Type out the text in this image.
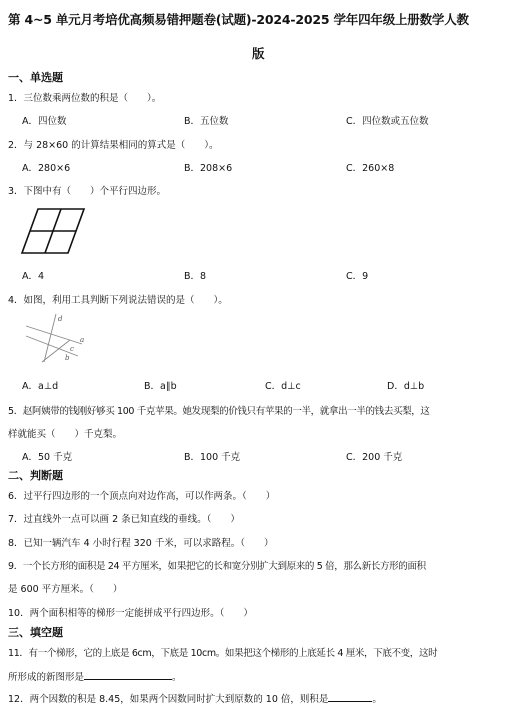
第 4~5 单元月考培优高频易错押题卷(试题)-2024-2025 学年四年级上册数学人教
版
一、单选题
1．三位数乘两位数的积是（　　）。
A．四位数	B．五位数	C．四位数或五位数
2．与 28×60 的计算结果相同的算式是（　　）。
A．280×6	B．208×6	C．260×8
3．下图中有（　　）个平行四边形。
A．4	B．8	C．9
4．如图，利用工具判断下列说法错误的是（　　）。
d
a
b
c
A．a⊥d	B．a∥b	C．d⊥c	D．d⊥b
5．赵阿姨带的钱刚好够买 100 千克苹果。她发现梨的价钱只有苹果的一半，就拿出一半的钱去买梨，这
样就能买（　　）千克梨。
A．50 千克	B．100 千克	C．200 千克
二、判断题
6．过平行四边形的一个顶点向对边作高，可以作两条。（　　）
7．过直线外一点可以画 2 条已知直线的垂线。（　　）
8．已知一辆汽车 4 小时行程 320 千米，可以求路程。（　　）
9．一个长方形的面积是 24 平方厘米，如果把它的长和宽分别扩大到原来的 5 倍，那么新长方形的面积
是 600 平方厘米。（　　）
10．两个面积相等的梯形一定能拼成平行四边形。（　　）
三、填空题
11．有一个梯形，它的上底是 6cm，下底是 10cm。如果把这个梯形的上底延长 4 厘米，下底不变，这时
所形成的新图形是	。
12．两个因数的积是 8.45，如果两个因数同时扩大到原数的 10 倍，则积是	。
